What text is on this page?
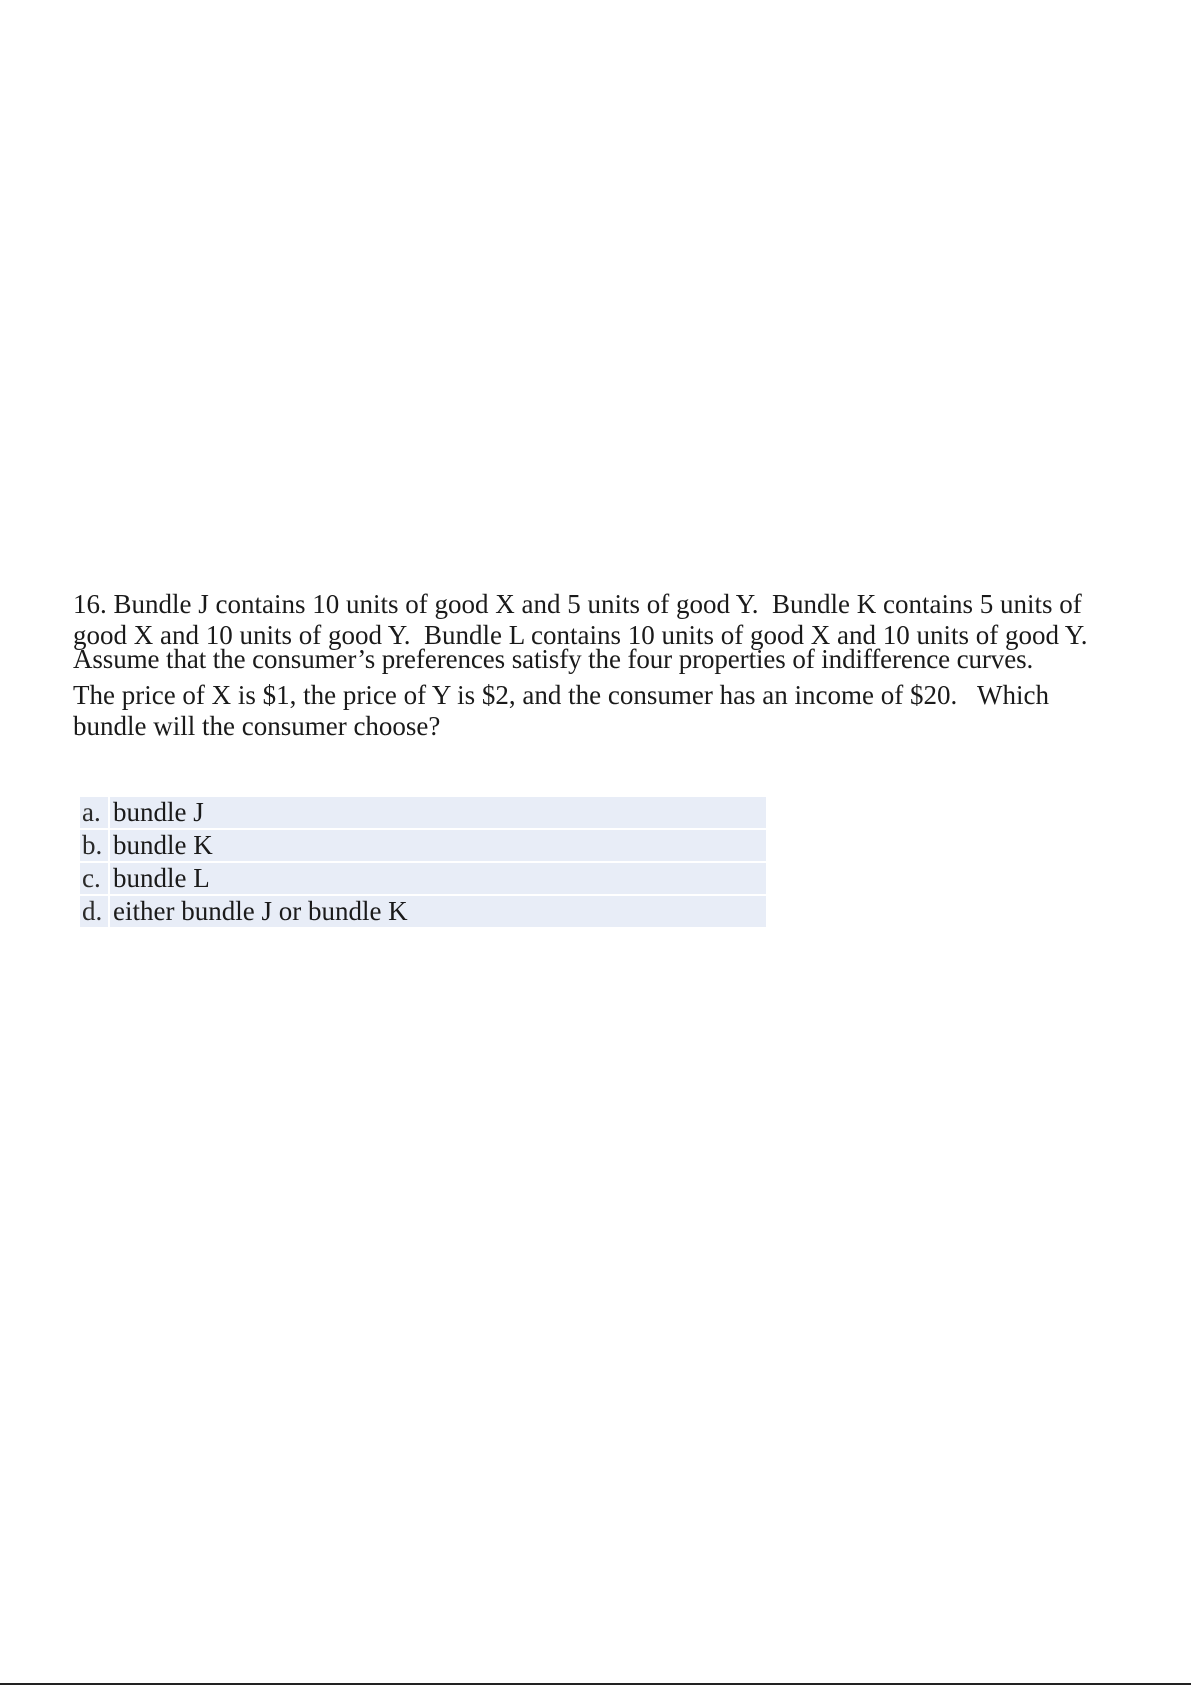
16. Bundle J contains 10 units of good X and 5 units of good Y.  Bundle K contains 5 units of
good X and 10 units of good Y.  Bundle L contains 10 units of good X and 10 units of good Y.
Assume that the consumer’s preferences satisfy the four properties of indifference curves.
The price of X is $1, the price of Y is $2, and the consumer has an income of $20.   Which
bundle will the consumer choose?
a.	bundle J
b.	bundle K
c.	bundle L
d.	either bundle J or bundle K
